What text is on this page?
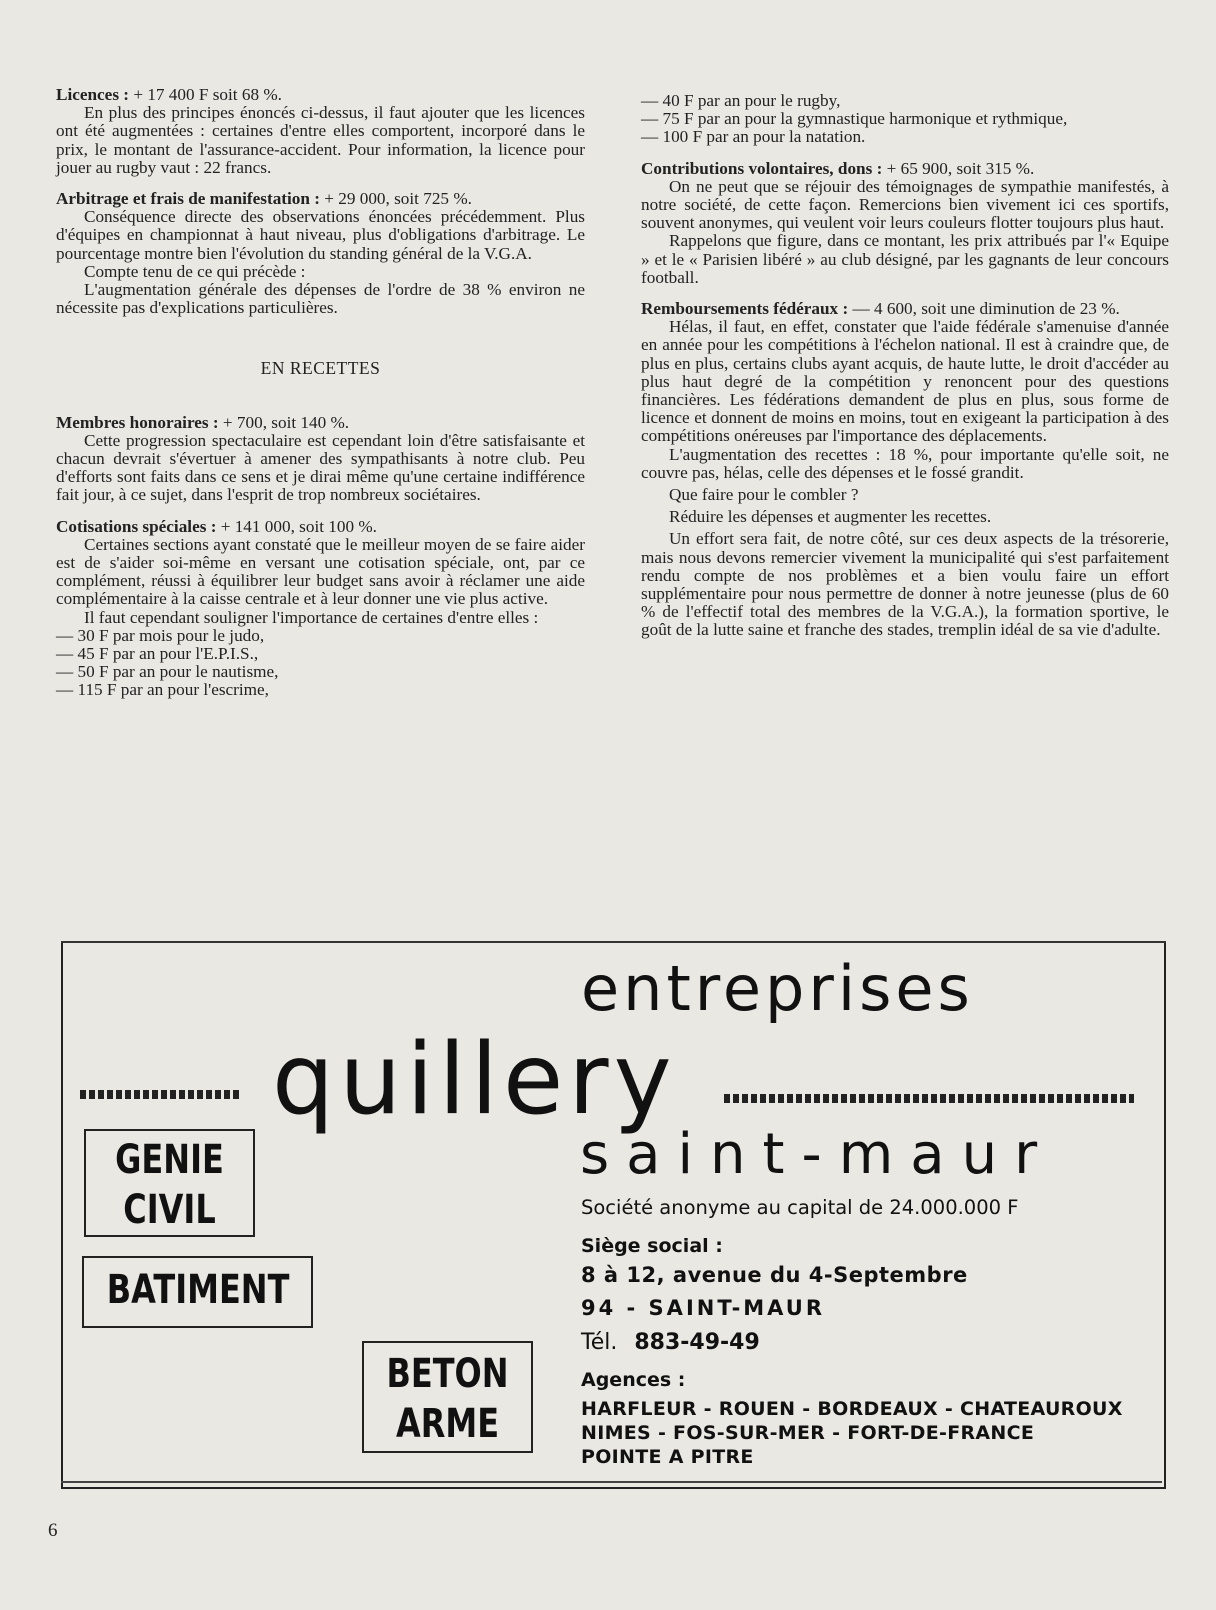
Licences : + 17 400 F soit 68 %.

En plus des principes énoncés ci-dessus, il faut ajouter que les licences ont été augmentées : certaines d'entre elles comportent, incorporé dans le prix, le montant de l'assurance-accident. Pour information, la licence pour jouer au rugby vaut : 22 francs.

Arbitrage et frais de manifestation : + 29 000, soit 725 %.

Conséquence directe des observations énoncées précédemment. Plus d'équipes en championnat à haut niveau, plus d'obligations d'arbitrage. Le pourcentage montre bien l'évolution du standing général de la V.G.A.

Compte tenu de ce qui précède :

L'augmentation générale des dépenses de l'ordre de 38 % environ ne nécessite pas d'explications particulières.

EN RECETTES

Membres honoraires : + 700, soit 140 %.

Cette progression spectaculaire est cependant loin d'être satisfaisante et chacun devrait s'évertuer à amener des sympathisants à notre club. Peu d'efforts sont faits dans ce sens et je dirai même qu'une certaine indifférence fait jour, à ce sujet, dans l'esprit de trop nombreux sociétaires.

Cotisations spéciales : + 141 000, soit 100 %.

Certaines sections ayant constaté que le meilleur moyen de se faire aider est de s'aider soi-même en versant une cotisation spéciale, ont, par ce complément, réussi à équilibrer leur budget sans avoir à réclamer une aide complémentaire à la caisse centrale et à leur donner une vie plus active.

Il faut cependant souligner l'importance de certaines d'entre elles :

— 30 F par mois pour le judo,

— 45 F par an pour l'E.P.I.S.,

— 50 F par an pour le nautisme,

— 115 F par an pour l'escrime,

— 40 F par an pour le rugby,

— 75 F par an pour la gymnastique harmonique et rythmique,

— 100 F par an pour la natation.

Contributions volontaires, dons : + 65 900, soit 315 %.

On ne peut que se réjouir des témoignages de sympathie manifestés, à notre société, de cette façon. Remercions bien vivement ici ces sportifs, souvent anonymes, qui veulent voir leurs couleurs flotter toujours plus haut.

Rappelons que figure, dans ce montant, les prix attribués par l'« Equipe » et le « Parisien libéré » au club désigné, par les gagnants de leur concours football.

Remboursements fédéraux : — 4 600, soit une diminution de 23 %.

Hélas, il faut, en effet, constater que l'aide fédérale s'amenuise d'année en année pour les compétitions à l'échelon national. Il est à craindre que, de plus en plus, certains clubs ayant acquis, de haute lutte, le droit d'accéder au plus haut degré de la compétition y renoncent pour des questions financières. Les fédérations demandent de plus en plus, sous forme de licence et donnent de moins en moins, tout en exigeant la participation à des compétitions onéreuses par l'importance des déplacements.

L'augmentation des recettes : 18 %, pour importante qu'elle soit, ne couvre pas, hélas, celle des dépenses et le fossé grandit.

Que faire pour le combler ?

Réduire les dépenses et augmenter les recettes.

Un effort sera fait, de notre côté, sur ces deux aspects de la trésorerie, mais nous devons remercier vivement la municipalité qui s'est parfaitement rendu compte de nos problèmes et a bien voulu faire un effort supplémentaire pour nous permettre de donner à notre jeunesse (plus de 60 % de l'effectif total des membres de la V.G.A.), la formation sportive, le goût de la lutte saine et franche des stades, tremplin idéal de sa vie d'adulte.

entreprises
quillery
saint-maur
GENIE
CIVIL
BATIMENT
BETON
ARME
Société anonyme au capital de 24.000.000 F
Siège social :
8 à 12, avenue du 4-Septembre
94 - SAINT-MAUR
Tél. 883-49-49
Agences :
HARFLEUR - ROUEN - BORDEAUX - CHATEAUROUX
NIMES - FOS-SUR-MER - FORT-DE-FRANCE
POINTE A PITRE
6
